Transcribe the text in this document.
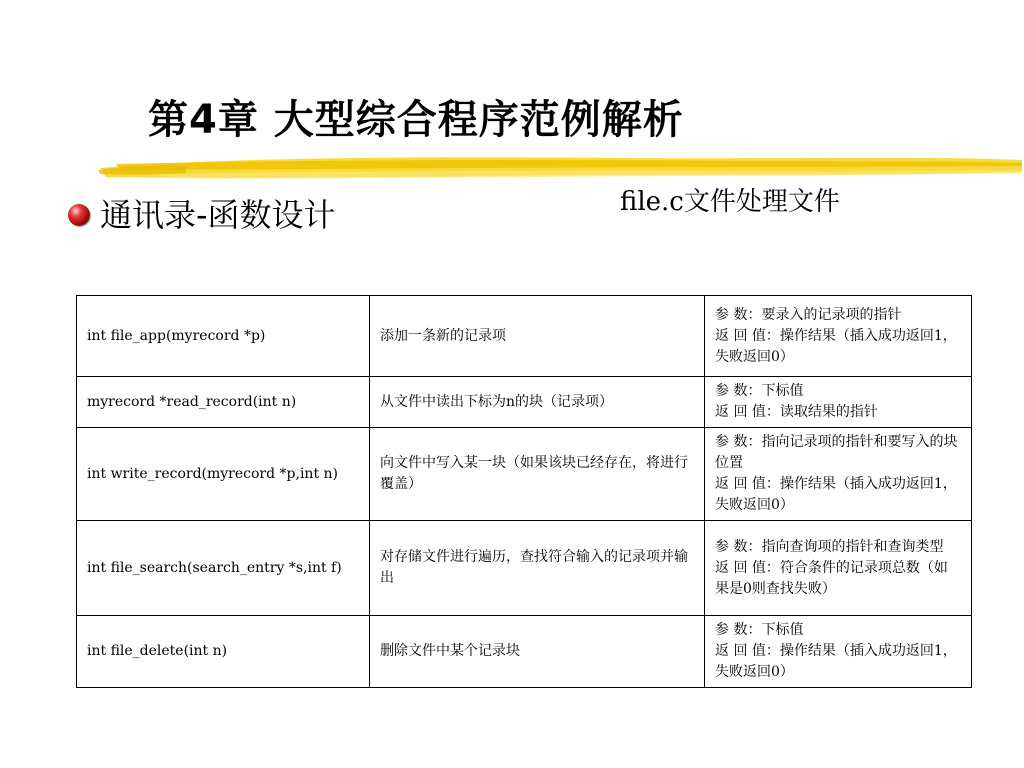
第4章 大型综合程序范例解析
通讯录-函数设计	file.c文件处理文件
int file_app(myrecord *p)	添加一条新的记录项	参 数：要录入的记录项的指针
返 回 值：操作结果（插入成功返回1，失败返回0）

myrecord *read_record(int n)	从文件中读出下标为n的块（记录项）	参 数：下标值
返 回 值：读取结果的指针

int write_record(myrecord *p,int n)	向文件中写入某一块（如果该块已经存在，将进行覆盖）	参 数：指向记录项的指针和要写入的块位置
返 回 值：操作结果（插入成功返回1，失败返回0）

int file_search(search_entry *s,int f)	对存储文件进行遍历，查找符合输入的记录项并输出	参 数：指向查询项的指针和查询类型
返 回 值：符合条件的记录项总数（如果是0则查找失败）

int file_delete(int n)	删除文件中某个记录块	参 数：下标值
返 回 值：操作结果（插入成功返回1，失败返回0）
